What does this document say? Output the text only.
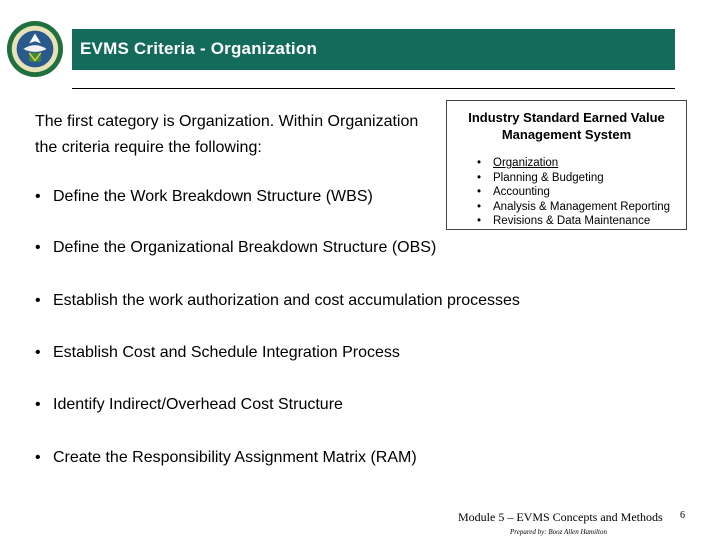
EVMS Criteria - Organization
The first category is Organization. Within Organization the criteria require the following:
• Define the Work Breakdown Structure (WBS)
• Define the Organizational Breakdown Structure (OBS)
• Establish the work authorization and cost accumulation processes
• Establish Cost and Schedule Integration Process
• Identify Indirect/Overhead Cost Structure
• Create the Responsibility Assignment Matrix (RAM)
Industry Standard Earned Value Management System
• Organization
• Planning & Budgeting
• Accounting
• Analysis & Management Reporting
• Revisions & Data Maintenance
Module 5 – EVMS Concepts and Methods
Prepared by: Booz Allen Hamilton
6
